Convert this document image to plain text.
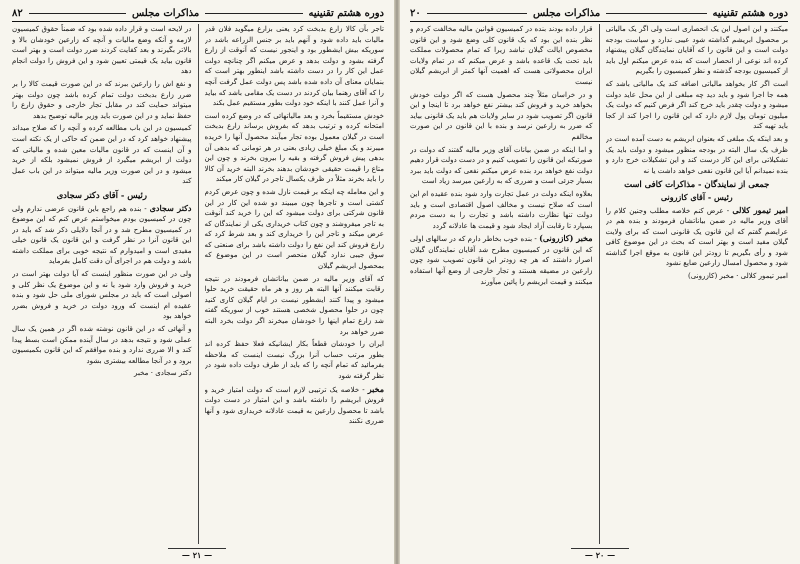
دوره هشتم تقنینیه
مذاکرات مجلس
۸۲

تاجر بآن کالا زارع بدبخت کرد یعنی بزارع میگوید فلان قدر مالیات باید داده شود و آنهم باید بر جنس الزراعه باشد در سوریکه بیش ایشطور بود و اینجور نیست که آنوقت از زارع گرفته بشود و دولت بدهد و عرض میکنم اگر چنانچه دولت عمل این کار را در دست داشته باشد اینطور بهتر است که بنمایان معنای آن داده شده باشد پس دولت عمل گرفت آنچه را که آقای رهنما بیان کردند در دست یک مقامی باشد که بیاید و آنرا عمل کنند با اینکه خود دولت بطور مستقیم عمل بکند

خودش مستقیماً بخرد و بعد مالیاتهائی که در وضع کرده است امتحانه کرده و ترتیب بدهد که بفروش برساند زارع بدبخت است در گیلان معمول بوده تجار میآیند محصول آنها را خریده میبرند و یک مبلغ خیلی زیادی بعنی در هر تومانی که بدهی آن بدهی پیش فروش گرفته و بقیه را بیرون بخرند و چون این متاع را قیمت حقیقی خودشان بدهند بخرند البته خرید آن کالا را باید بخرند مثلاً در ظرف یکسال تاجر در گیلان کار میکند

و این معامله چه اینکه بر قیمت نازل شده و چون عرض کردم کشتی است و تاجرها چون میبیند دو شده این کار در این قانون شرکتی برای دولت میشود که این را خرید کند آنوقت به تاجر میفروشند و چون کتاب خریداری یکی از نمایندگان که عرض میکند و تاجر این را خریداری کند و بعد شرط کرد که زارع فروش کند این نفع را دولت داشته باشد برای صنعتی که سوق جیبی ندارد گیلان منحصر است در این موضوع که بمحصول ابریشم گیلان

که آقای وزیر مالیه در ضمن بیاناتشان فرمودند در نتیجه رقابت میکنند آنها البته هر روز و هر ماه حقیقت خرید حلوا میشود و پیدا کنند ایشطور نیست در ایام گیلان کاری کنید چون در حلوا محصول شخصی هستند خوب از سوریکه گفته شد زارع تمام اینها را خودشان میخرند اگر دولت بخرد البته ضرر خواهد برد

ایران را خودشان قطعاً بکار ایشانیکه فعلا حفظ کرده اند بطور مرتب حساب آنرا بزرگ نیست اینست که ملاحظه بفرمائید که تمام آنچه را که باید از طرف دولت داده شود در نظر گرفته شود

مخبر - خلاصه یک ترتیبی لازم است که دولت امتیاز خرید و فروش ابریشم را داشته باشد و این امتیاز در دست دولت باشد تا محصول زارعین به قیمت عادلانه خریداری شود و آنها ضرری نکنند

در لایحه است و قرار داده شده بود که ضمناً حقوق کمیسیون لازمه و آنکه وضع مالیات و آنچه که زارعین خودشان بالا و بالاتر بگیرند و بعد کفایت کردند ضرر دولت است و بهتر است قانون بیاید یک قیمتی تعیین شود و این فروش را دولت انجام دهد

و نفع اش را زارعین ببرند که در این صورت قیمت کالا را بر ضرر زارع بدبخت دولت تمام کرده باشد چون دولت بهتر میتواند حمایت کند در مقابل تجار خارجی و حقوق زارع را حفظ نماید و در این صورت باید وزیر مالیه توضیح بدهد

کمیسیون در این باب مطالعه کرده و آنچه را که صلاح میداند پیشنهاد خواهد کرد که در این ضمن که حاکی از یک نکته است و آن اینست که در قانون مالیات معین شده و مالیاتی که دولت از ابریشم میگیرد از فروش نمیشود بلکه از خرید میشود و در این صورت وزیر مالیه میتواند در این باب عمل کند

رئیس - آقای دکتر سجادی

دکتر سجادی - بنده هم راجع باین قانون عرضی ندارم ولی چون در کمیسیون بودم میخواستم عرض کنم که این موضوع در کمیسیون مطرح شد و در آنجا دلایلی ذکر شد که باید در این قانون آنرا در نظر گرفت و این قانون یک قانون خیلی مفیدی است و امیدوارم که نتیجه خوبی برای مملکت داشته باشد و دولت هم در اجرای آن دقت کامل بفرماید

ولی در این صورت منظور اینست که آیا دولت بهتر است در خرید و فروش وارد شود یا نه و این موضوع یک نظر کلی و اصولی است که باید در مجلس شورای ملی حل شود و بنده عقیده ام اینست که ورود دولت در خرید و فروش بضرر خواهد بود

و آنهائی که در این قانون نوشته شده اگر در همین یک سال عملی شود و نتیجه بدهد در سال آینده ممکن است بسط پیدا کند و الا ضرری ندارد و بنده موافقم که این قانون بکمیسیون برود و در آنجا مطالعه بیشتری بشود

دکتر سجادی · مخبر

— ٢١ —
دوره هشتم تقنینیه
مذاکرات مجلس
٢٠

میکنند و این اصول این یک انحصاری است ولی اگر یک مالیاتی بر محصول ابریشم گذاشته شود عیبی ندارد و سیاست بودجه دولت است و این قانون را که آقایان نمایندگان گیلان پیشنهاد کرده اند نوعی از انحصار است که بنده عرض میکنم اول باید از کمیسیون بودجه گذشته و نظر کمیسیون را بگیریم

است اگر کار بخواهد مالیاتی اضافه کند یک مالیاتی باشد که همه جا اجرا شود و باید دید چه مبلغی از این محل عاید دولت میشود و دولت چقدر باید خرج کند اگر فرض کنیم که دولت یک میلیون تومان پول لازم دارد که این قانون را اجرا کند از کجا باید تهیه کند

و بعد اینکه یک مبلغی که بعنوان ابریشم به دست آمده است در ظرف یک سال البته در بودجه منظور میشود و دولت باید یک تشکیلاتی برای این کار درست کند و این تشکیلات خرج دارد و بنده نمیدانم آیا این قانون نفعی خواهد داشت یا نه

جمعی از نمایندگان - مذاکرات کافی است
رئیس - آقای کازرونی

امیر تیمور کلالی - عرض کنم خلاصه مطلب وجنین کلام را آقای وزیر مالیه در ضمن بیاناتشان فرمودند و بنده هم در عرایضم گفتم که این قانون یک قانونی است که برای ولایت گیلان مفید است و بهتر است که بحث در این موضوع کافی شود و رأی بگیریم تا زودتر این قانون به موقع اجرا گذاشته شود و محصول امسال زارعین ضایع نشود

امیر تیمور کلالی · مخبر (کازرونی)

قرار داده بودند بنده در کمیسیون قوانین مالیه مخالفت کردم و نظر بنده این بود که یک قانون کلی وضع شود و این قانون مخصوص ایالت گیلان نباشد زیرا که تمام محصولات مملکت باید تحت یک قاعده باشد و عرض میکنم که در تمام ولایات ایران محصولاتی هست که اهمیت آنها کمتر از ابریشم گیلان نیست

و در خراسان مثلاً چند محصول هست که اگر دولت خودش بخواهد خرید و فروش کند بیشتر نفع خواهد برد تا اینجا و این قانون اگر تصویب شود در سایر ولایات هم باید یک قانونی بیاید که ضرر به زارعین نرسد و بنده با این قانون در این صورت مخالفم

و اما اینکه در ضمن بیانات آقای وزیر مالیه گفتند که دولت در صورتیکه این قانون را تصویب کنیم و در دست دولت قرار دهیم دولت نفع خواهد برد بنده عرض میکنم نفعی که دولت باید ببرد بسیار جزئی است و ضرری که به زارعین میرسد زیاد است

بعلاوه اینکه دولت در عمل تجارت وارد شود بنده عقیده ام این است که صلاح نیست و مخالف اصول اقتصادی است و باید دولت تنها نظارت داشته باشد و تجارت را به دست مردم بسپارد تا رقابت آزاد ایجاد شود و قیمت ها عادلانه گردد

مخبر (کازرونی) - بنده خوب بخاطر دارم که در سالهای اولی که این قانون در کمیسیون مطرح شد آقایان نمایندگان گیلان اصرار داشتند که هر چه زودتر این قانون تصویب شود چون زارعین در مضیقه هستند و تجار خارجی از وضع آنها استفاده میکنند و قیمت ابریشم را پائین میآورند

— ٢٠ —
